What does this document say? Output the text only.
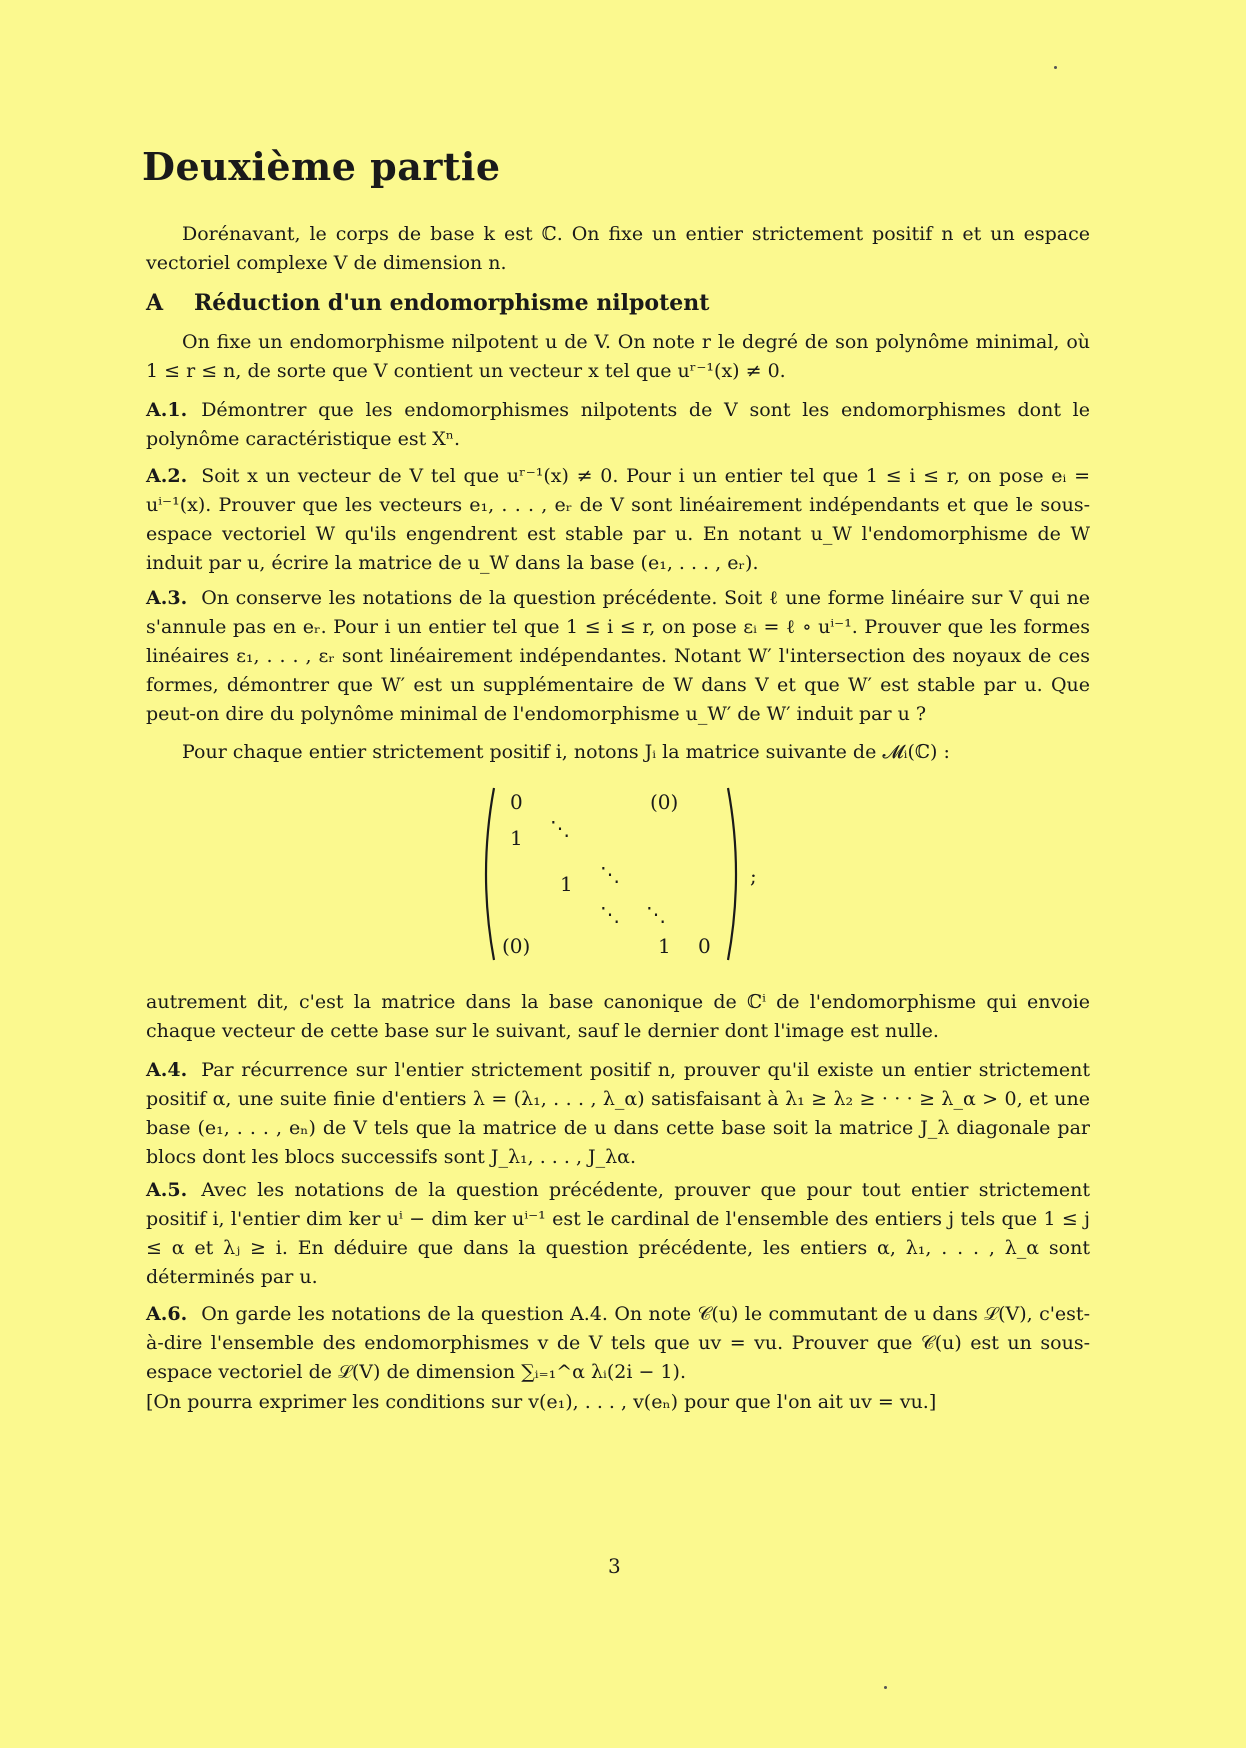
Deuxième partie
Dorénavant, le corps de base k est ℂ. On fixe un entier strictement positif n et un espace vectoriel complexe V de dimension n.
A Réduction d'un endomorphisme nilpotent
On fixe un endomorphisme nilpotent u de V. On note r le degré de son polynôme minimal, où 1 ≤ r ≤ n, de sorte que V contient un vecteur x tel que uʳ⁻¹(x) ≠ 0.
A.1. Démontrer que les endomorphismes nilpotents de V sont les endomorphismes dont le polynôme caractéristique est Xⁿ.
A.2. Soit x un vecteur de V tel que uʳ⁻¹(x) ≠ 0. Pour i un entier tel que 1 ≤ i ≤ r, on pose eᵢ = uⁱ⁻¹(x). Prouver que les vecteurs e₁, . . . , eᵣ de V sont linéairement indépendants et que le sous-espace vectoriel W qu'ils engendrent est stable par u. En notant u_W l'endomorphisme de W induit par u, écrire la matrice de u_W dans la base (e₁, . . . , eᵣ).
A.3. On conserve les notations de la question précédente. Soit ℓ une forme linéaire sur V qui ne s'annule pas en eᵣ. Pour i un entier tel que 1 ≤ i ≤ r, on pose εᵢ = ℓ ∘ uⁱ⁻¹. Prouver que les formes linéaires ε₁, . . . , εᵣ sont linéairement indépendantes. Notant W′ l'intersection des noyaux de ces formes, démontrer que W′ est un supplémentaire de W dans V et que W′ est stable par u. Que peut-on dire du polynôme minimal de l'endomorphisme u_W′ de W′ induit par u ?
Pour chaque entier strictement positif i, notons Jᵢ la matrice suivante de 𝓜ᵢ(ℂ) :
0	(0)
1 ⋱
1 ⋱
⋱ ⋱
(0)	1 0
;
autrement dit, c'est la matrice dans la base canonique de ℂⁱ de l'endomorphisme qui envoie chaque vecteur de cette base sur le suivant, sauf le dernier dont l'image est nulle.
A.4. Par récurrence sur l'entier strictement positif n, prouver qu'il existe un entier strictement positif α, une suite finie d'entiers λ = (λ₁, . . . , λ_α) satisfaisant à λ₁ ≥ λ₂ ≥ · · · ≥ λ_α > 0, et une base (e₁, . . . , eₙ) de V tels que la matrice de u dans cette base soit la matrice J_λ diagonale par blocs dont les blocs successifs sont J_λ₁, . . . , J_λα.
A.5. Avec les notations de la question précédente, prouver que pour tout entier strictement positif i, l'entier dim ker uⁱ − dim ker uⁱ⁻¹ est le cardinal de l'ensemble des entiers j tels que 1 ≤ j ≤ α et λⱼ ≥ i. En déduire que dans la question précédente, les entiers α, λ₁, . . . , λ_α sont déterminés par u.
A.6. On garde les notations de la question A.4. On note 𝒞(u) le commutant de u dans ℒ(V), c'est-à-dire l'ensemble des endomorphismes v de V tels que uv = vu. Prouver que 𝒞(u) est un sous-espace vectoriel de ℒ(V) de dimension ∑ᵢ₌₁^α λᵢ(2i − 1).
[On pourra exprimer les conditions sur v(e₁), . . . , v(eₙ) pour que l'on ait uv = vu.]
3
